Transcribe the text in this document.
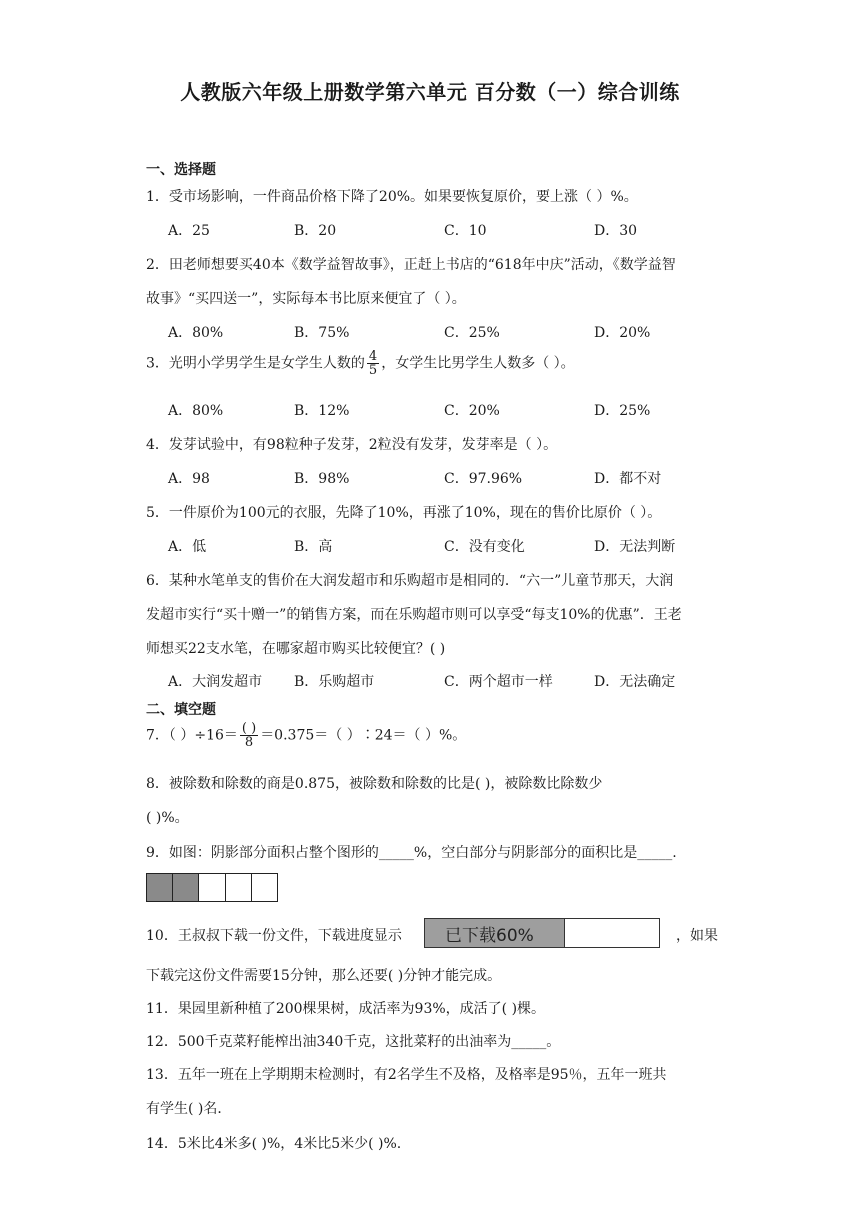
人教版六年级上册数学第六单元 百分数（一）综合训练
一、选择题
1．受市场影响，一件商品价格下降了20%。如果要恢复原价，要上涨（ ）%。
A．25	B．20	C．10	D．30
2．田老师想要买40本《数学益智故事》，正赶上书店的“618年中庆”活动，《数学益智
故事》“买四送一”，实际每本书比原来便宜了（ ）。
A．80%	B．75%	C．25%	D．20%
3．光明小学男学生是女学生人数的 $\frac{4}{5}$ ，女学生比男学生人数多（ ）。
A．80%	B．12%	C．20%	D．25%
4．发芽试验中，有98粒种子发芽，2粒没有发芽，发芽率是（ ）。
A．98	B．98%	C．97.96%	D．都不对
5．一件原价为100元的衣服，先降了10%，再涨了10%，现在的售价比原价（ ）。
A．低	B．高	C．没有变化	D．无法判断
6．某种水笔单支的售价在大润发超市和乐购超市是相同的．“六一”儿童节那天，大润
发超市实行“买十赠一”的销售方案，而在乐购超市则可以享受“每支10%的优惠”．王老
师想买22支水笔，在哪家超市购买比较便宜？( )
A．大润发超市 B．乐购超市	C．两个超市一样	D．无法确定
二、填空题
7．（ ）$\div 16= \frac{( )}{8} =0.375=$（ ）∶24＝（ ）%。
8．被除数和除数的商是0.875，被除数和除数的比是( )，被除数比除数少
( )%。
9．如图：阴影部分面积占整个图形的_____%，空白部分与阴影部分的面积比是_____.
10．王叔叔下载一份文件，下载进度显示	已下载60%	，如果
下载完这份文件需要15分钟，那么还要( )分钟才能完成。
11．果园里新种植了200棵果树，成活率为93%，成活了( )棵。
12．500千克菜籽能榨出油340千克，这批菜籽的出油率为_____。
13．五年一班在上学期期末检测时，有2名学生不及格，及格率是95％，五年一班共
有学生( )名．
14．5米比4米多( )%，4米比5米少( )%.
